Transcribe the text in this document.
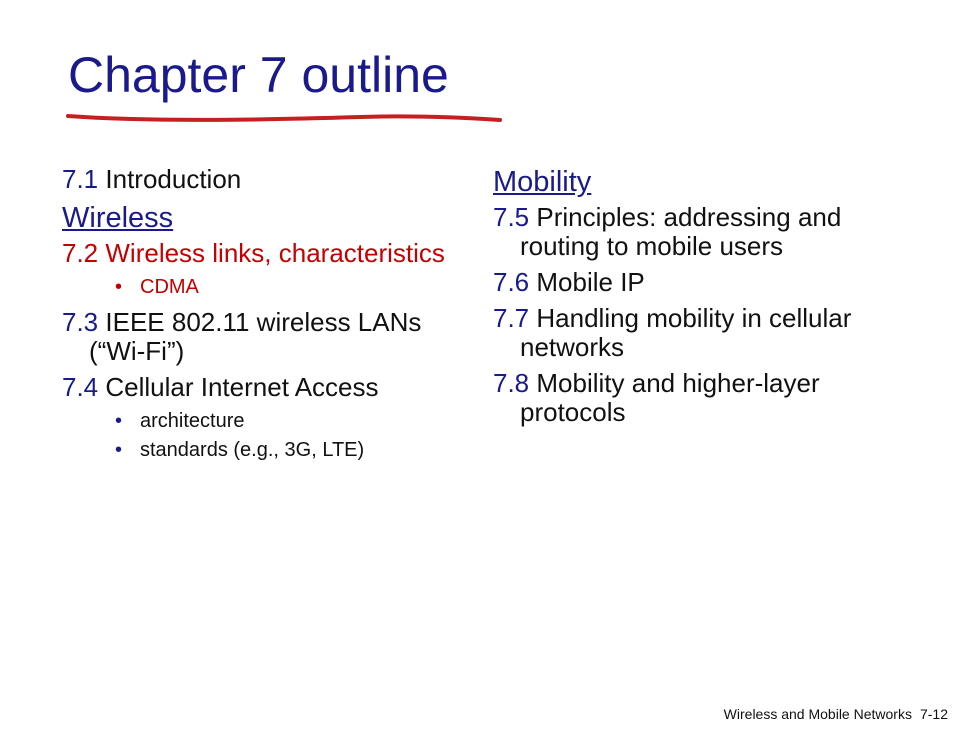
Chapter 7 outline

7.1 Introduction

Wireless

7.2 Wireless links, characteristics

• CDMA

7.3 IEEE 802.11 wireless LANs (“Wi-Fi”)

7.4 Cellular Internet Access

• architecture
• standards (e.g., 3G, LTE)

Mobility

7.5 Principles: addressing and routing to mobile users

7.6 Mobile IP

7.7 Handling mobility in cellular networks

7.8 Mobility and higher-layer protocols

Wireless and Mobile Networks 7-12
